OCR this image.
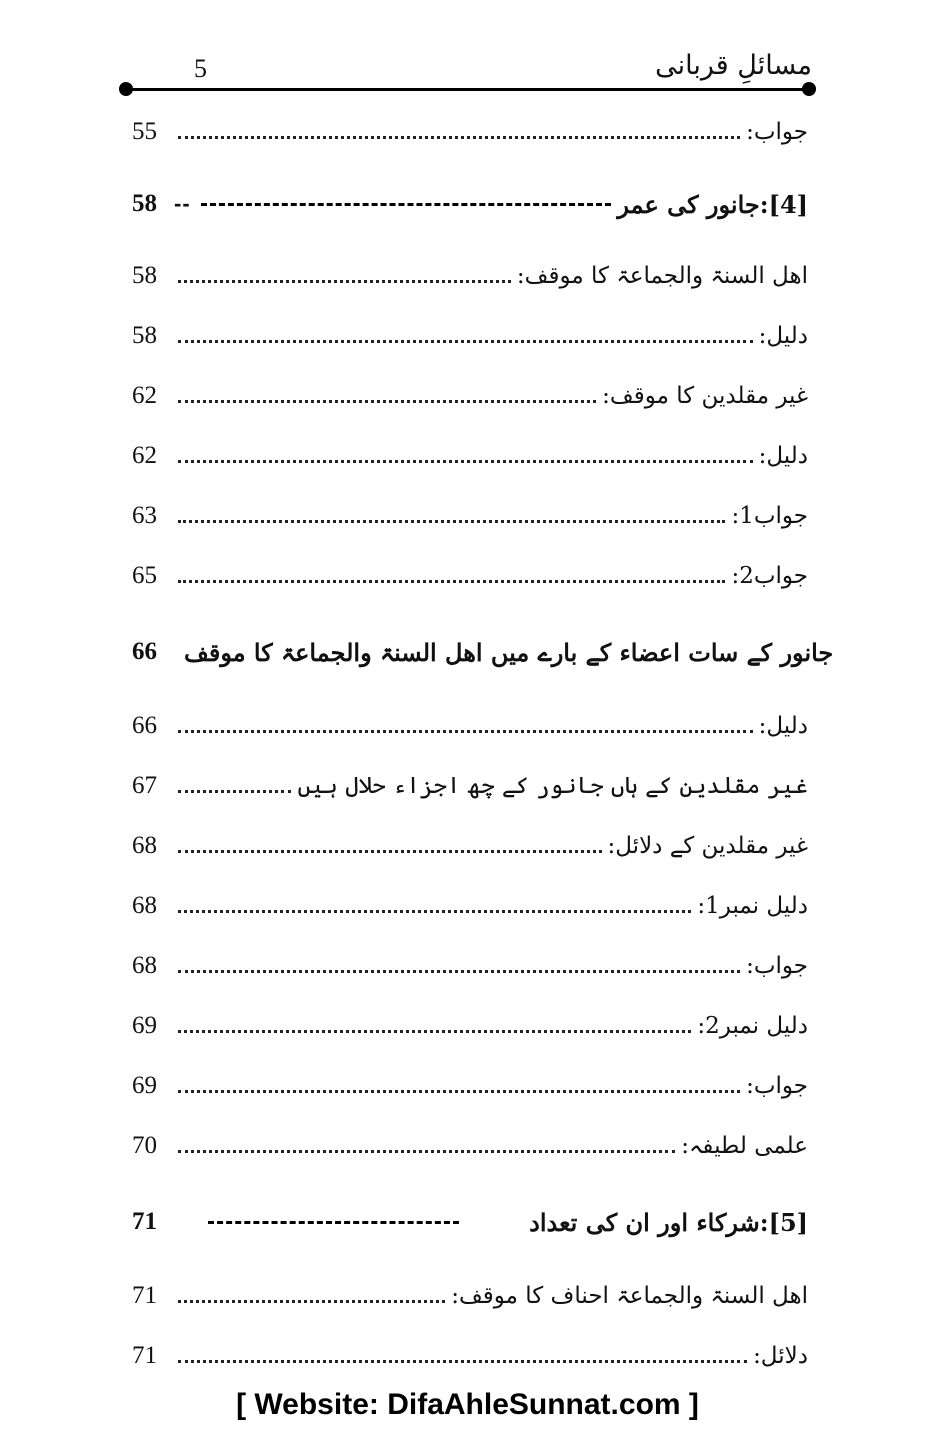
مسائلِ قربانی
5
55	جواب:
58 --	[4]:جانور کی عمر
58	اھل السنۃ والجماعۃ کا موقف:
58	دلیل:
62	غیر مقلدین کا موقف:
62	دلیل:
63	جواب1:
65	جواب2:
66	جانور کے سات اعضاء کے بارے میں اھل السنۃ والجماعۃ کا موقف
66	دلیل:
67	غیر مقلدین کے ہاں جانور کے چھ اجزاء حلال ہیں
68	غیر مقلدین کے دلائل:
68	دلیل نمبر1:
68	جواب:
69	دلیل نمبر2:
69	جواب:
70	علمی لطیفہ:
71	[5]:شرکاء اور ان کی تعداد
71	اھل السنۃ والجماعۃ احناف کا موقف:
71	دلائل:
[ Website: DifaAhleSunnat.com ]
